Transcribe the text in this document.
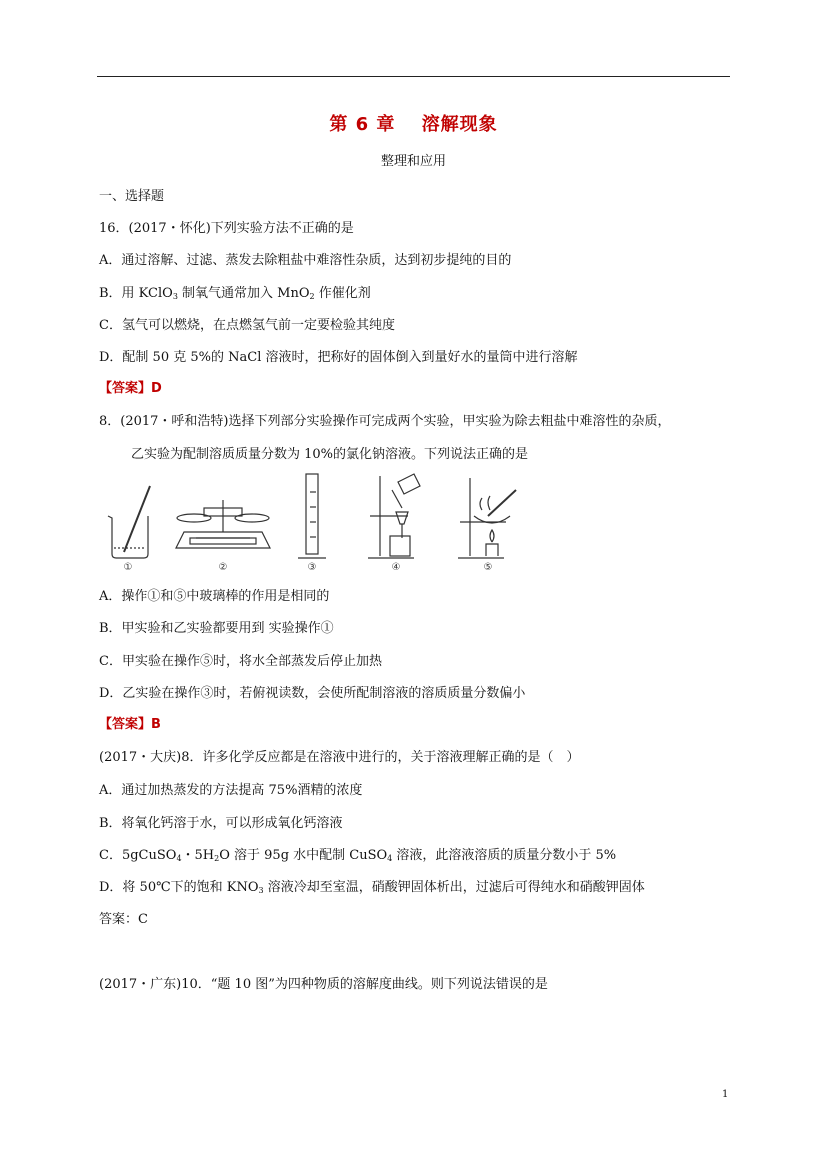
第 6 章　 溶解现象
整理和应用
一、选择题
16．(2017・怀化)下列实验方法不正确的是
A．通过溶解、过滤、蒸发去除粗盐中难溶性杂质，达到初步提纯的目的
B．用 KClO$_3$ 制氧气通常加入 MnO$_2$ 作催化剂
C．氢气可以燃烧，在点燃氢气前一定要检验其纯度
D．配制 50 克 5%的 NaCl 溶液时，把称好的固体倒入到量好水的量筒中进行溶解
【答案】D
8．(2017・呼和浩特)选择下列部分实验操作可完成两个实验，甲实验为除去粗盐中难溶性的杂质，
乙实验为配制溶质质量分数为 10%的氯化钠溶液。下列说法正确的是
①	②	③	④	⑤
A．操作①和⑤中玻璃棒的作用是相同的
B．甲实验和乙实验都要用到 实验操作①
C．甲实验在操作⑤时，将水全部蒸发后停止加热
D．乙实验在操作③时，若俯视读数，会使所配制溶液的溶质质量分数偏小
【答案】B
(2017・大庆)8．许多化学反应都是在溶液中进行的，关于溶液理解正确的是（　）
A．通过加热蒸发的方法提高 75%酒精的浓度
B．将氧化钙溶于水，可以形成氧化钙溶液
C．5gCuSO$_4$・$5H_2O$ 溶于 95g 水中配制 CuSO$_4$ 溶液，此溶液溶质的质量分数小于 5%
D．将 50℃下的饱和 $KNO_3$ 溶液冷却至室温，硝酸钾固体析出，过滤后可得纯水和硝酸钾固体
答案：C
(2017・广东)10．“题 10 图”为四种物质的溶解度曲线。则下列说法错误的是
1
